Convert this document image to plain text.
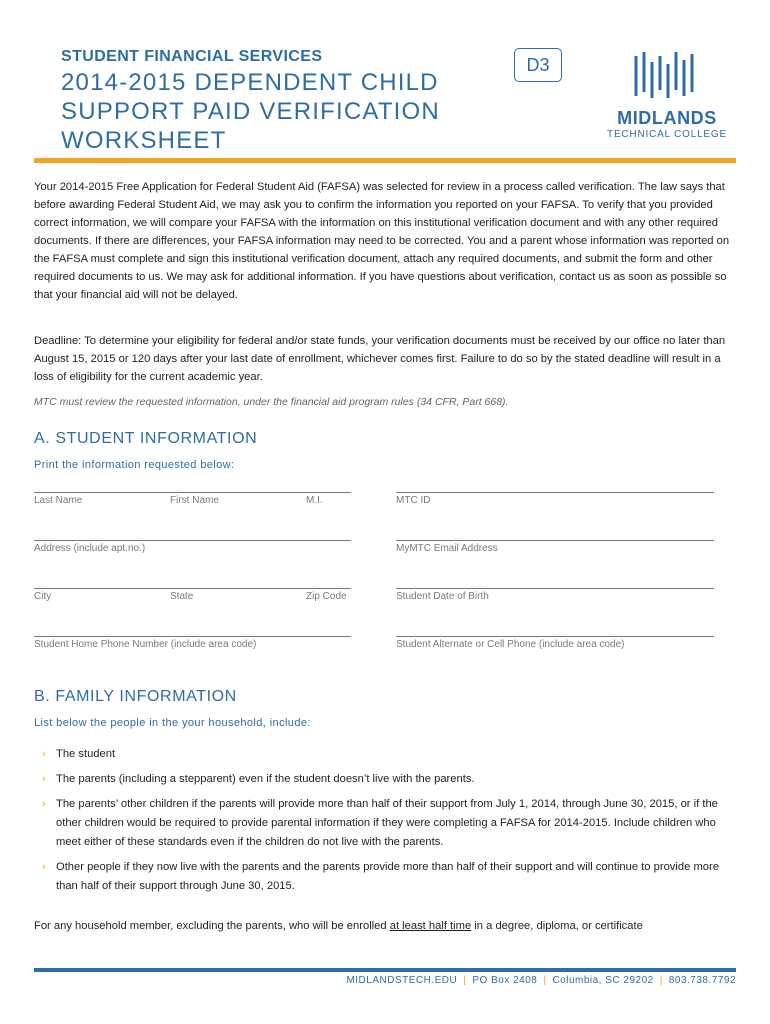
STUDENT FINANCIAL SERVICES
2014-2015 DEPENDENT CHILD
SUPPORT PAID VERIFICATION
WORKSHEET
D3
MIDLANDS
TECHNICAL COLLEGE

Your 2014-2015 Free Application for Federal Student Aid (FAFSA) was selected for review in a process called verification. The law says that before awarding Federal Student Aid, we may ask you to confirm the information you reported on your FAFSA. To verify that you provided correct information, we will compare your FAFSA with the information on this institutional verification document and with any other required documents. If there are differences, your FAFSA information may need to be corrected. You and a parent whose information was reported on the FAFSA must complete and sign this institutional verification document, attach any required documents, and submit the form and other required documents to us. We may ask for additional information. If you have questions about verification, contact us as soon as possible so that your financial aid will not be delayed.

Deadline: To determine your eligibility for federal and/or state funds, your verification documents must be received by our office no later than August 15, 2015 or 120 days after your last date of enrollment, whichever comes first. Failure to do so by the stated deadline will result in a loss of eligibility for the current academic year.

MTC must review the requested information, under the financial aid program rules (34 CFR, Part 668).

A. STUDENT INFORMATION
Print the information requested below:
Last Name	First Name	M.I.	MTC ID
Address (include apt.no.)	MyMTC Email Address
City	State	Zip Code	Student Date of Birth
Student Home Phone Number (include area code)	Student Alternate or Cell Phone (include area code)
B. FAMILY INFORMATION
List below the people in the your household, include:
› The student
› The parents (including a stepparent) even if the student doesn’t live with the parents.
› The parents’ other children if the parents will provide more than half of their support from July 1, 2014, through June 30, 2015, or if the other children would be required to provide parental information if they were completing a FAFSA for 2014-2015. Include children who meet either of these standards even if the children do not live with the parents.
› Other people if they now live with the parents and the parents provide more than half of their support and will continue to provide more than half of their support through June 30, 2015.

For any household member, excluding the parents, who will be enrolled at least half time in a degree, diploma, or certificate

MIDLANDSTECH.EDU | PO Box 2408 | Columbia, SC 29202 | 803.738.7792
